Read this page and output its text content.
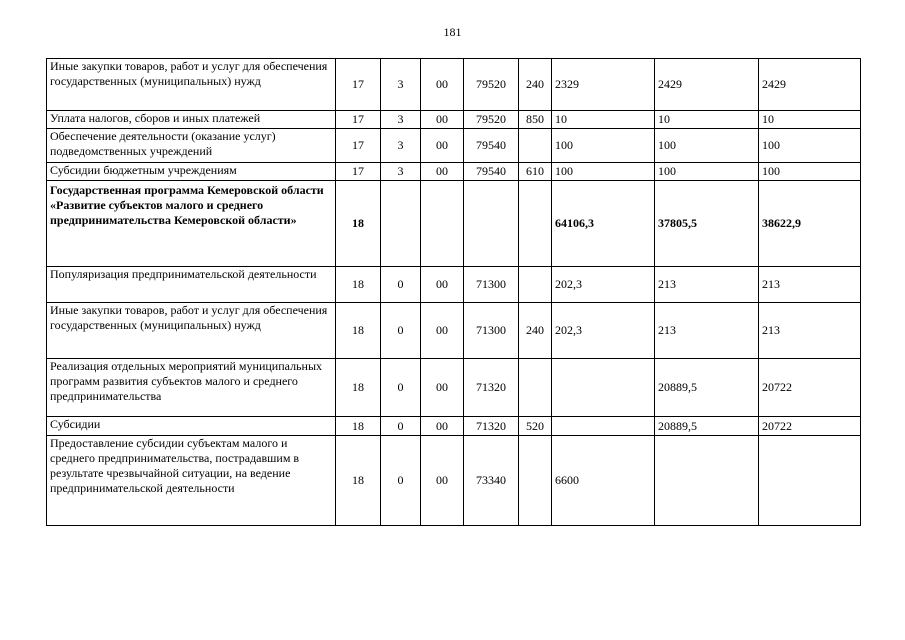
181
Иные закупки товаров, работ и услуг для обеспечения государственных (муниципальных) нужд	17	3	00	79520	240	2329	2429	2429
Уплата налогов, сборов и иных платежей	17	3	00	79520	850	10	10	10
Обеспечение деятельности (оказание услуг) подведомственных учреждений	17	3	00	79540		100	100	100
Субсидии бюджетным учреждениям	17	3	00	79540	610	100	100	100
Государственная программа Кемеровской области «Развитие субъектов малого и среднего предпринимательства Кемеровской области»	18					64106,3	37805,5	38622,9
Популяризация предпринимательской деятельности	18	0	00	71300		202,3	213	213
Иные закупки товаров, работ и услуг для обеспечения государственных (муниципальных) нужд	18	0	00	71300	240	202,3	213	213
Реализация отдельных мероприятий муниципальных программ развития субъектов малого и среднего предпринимательства	18	0	00	71320			20889,5	20722
Субсидии	18	0	00	71320	520		20889,5	20722
Предоставление субсидии субъектам малого и среднего предпринимательства, пострадавшим в результате чрезвычайной ситуации, на ведение предпринимательской деятельности	18	0	00	73340		6600		
